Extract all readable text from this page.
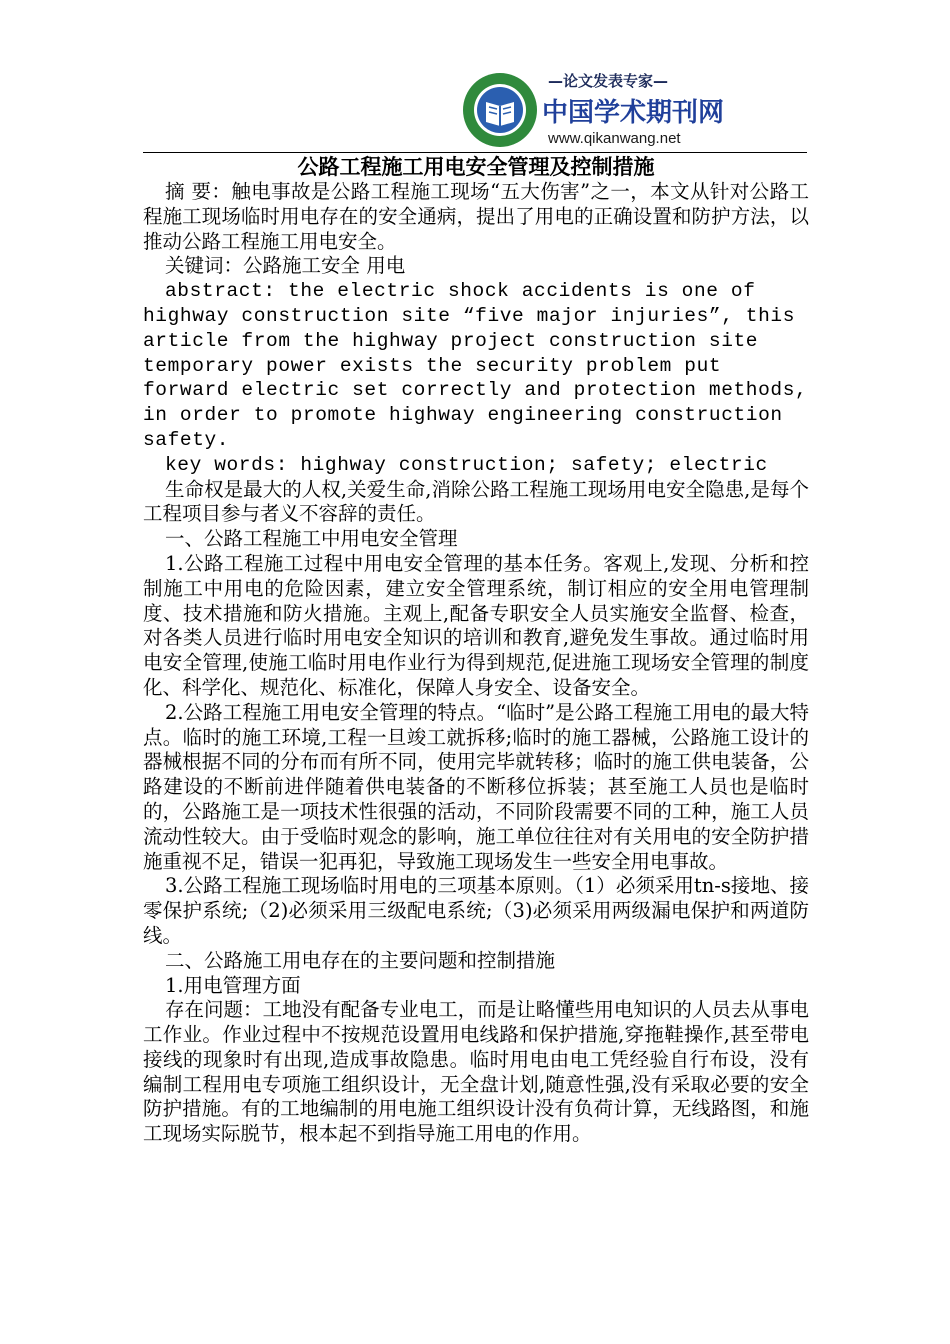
—论文发表专家—
中国学术期刊网
www.qikanwang.net
公路工程施工用电安全管理及控制措施

摘 要：触电事故是公路工程施工现场“五大伤害”之一，本文从针对公路工程施工现场临时用电存在的安全通病，提出了用电的正确设置和防护方法，以推动公路工程施工用电安全。

关键词：公路施工安全 用电

abstract: the electric shock accidents is one of highway construction site “five major injuries”, this article from the highway project construction site temporary power exists the security problem put forward electric set correctly and protection methods, in order to promote highway engineering construction safety.

key words: highway construction; safety; electric

生命权是最大的人权,关爱生命,消除公路工程施工现场用电安全隐患,是每个工程项目参与者义不容辞的责任。

一、公路工程施工中用电安全管理

1.公路工程施工过程中用电安全管理的基本任务。客观上,发现、分析和控制施工中用电的危险因素，建立安全管理系统，制订相应的安全用电管理制度、技术措施和防火措施。主观上,配备专职安全人员实施安全监督、检查，对各类人员进行临时用电安全知识的培训和教育,避免发生事故。通过临时用电安全管理,使施工临时用电作业行为得到规范,促进施工现场安全管理的制度化、科学化、规范化、标准化，保障人身安全、设备安全。

2.公路工程施工用电安全管理的特点。“临时”是公路工程施工用电的最大特点。临时的施工环境,工程一旦竣工就拆移;临时的施工器械，公路施工设计的器械根据不同的分布而有所不同，使用完毕就转移；临时的施工供电装备，公路建设的不断前进伴随着供电装备的不断移位拆装；甚至施工人员也是临时的，公路施工是一项技术性很强的活动，不同阶段需要不同的工种，施工人员流动性较大。由于受临时观念的影响，施工单位往往对有关用电的安全防护措施重视不足，错误一犯再犯，导致施工现场发生一些安全用电事故。

3.公路工程施工现场临时用电的三项基本原则。（1）必须采用tn-s接地、接零保护系统;（2)必须采用三级配电系统;（3)必须采用两级漏电保护和两道防线。

二、公路施工用电存在的主要问题和控制措施

1.用电管理方面

存在问题：工地没有配备专业电工，而是让略懂些用电知识的人员去从事电工作业。作业过程中不按规范设置用电线路和保护措施,穿拖鞋操作,甚至带电接线的现象时有出现,造成事故隐患。临时用电由电工凭经验自行布设，没有编制工程用电专项施工组织设计，无全盘计划,随意性强,没有采取必要的安全防护措施。有的工地编制的用电施工组织设计没有负荷计算，无线路图，和施工现场实际脱节，根本起不到指导施工用电的作用。
